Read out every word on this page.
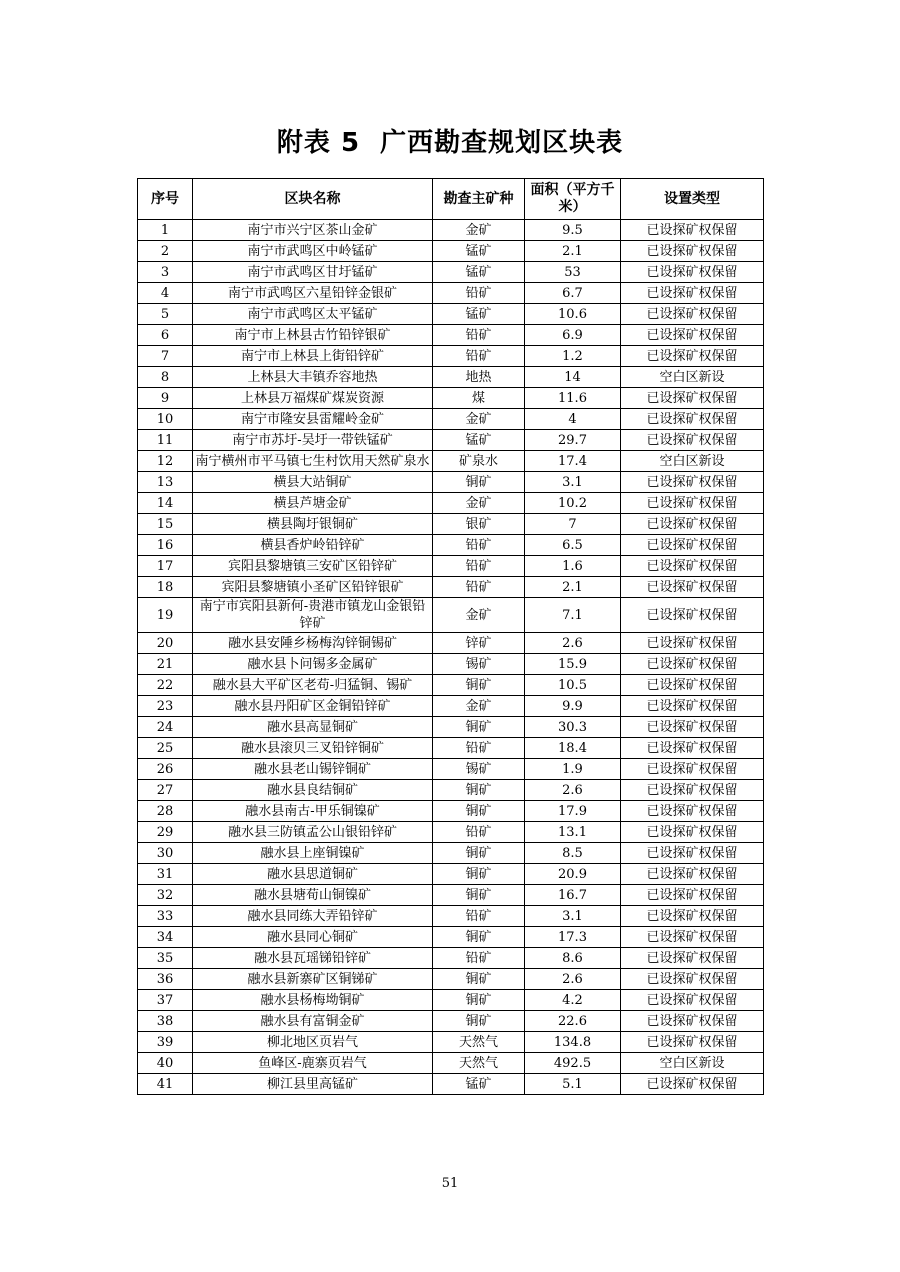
附表 5 广西勘查规划区块表
序号	区块名称	勘查主矿种	面积（平方千米）	设置类型
1	南宁市兴宁区茶山金矿	金矿	9.5	已设探矿权保留
2	南宁市武鸣区中岭锰矿	锰矿	2.1	已设探矿权保留
3	南宁市武鸣区甘圩锰矿	锰矿	53	已设探矿权保留
4	南宁市武鸣区六星铅锌金银矿	铅矿	6.7	已设探矿权保留
5	南宁市武鸣区太平锰矿	锰矿	10.6	已设探矿权保留
6	南宁市上林县古竹铅锌银矿	铅矿	6.9	已设探矿权保留
7	南宁市上林县上街铅锌矿	铅矿	1.2	已设探矿权保留
8	上林县大丰镇乔容地热	地热	14	空白区新设
9	上林县万福煤矿煤炭资源	煤	11.6	已设探矿权保留
10	南宁市隆安县雷耀岭金矿	金矿	4	已设探矿权保留
11	南宁市苏圩-吴圩一带铁锰矿	锰矿	29.7	已设探矿权保留
12	南宁横州市平马镇七生村饮用天然矿泉水	矿泉水	17.4	空白区新设
13	横县大站铜矿	铜矿	3.1	已设探矿权保留
14	横县芦塘金矿	金矿	10.2	已设探矿权保留
15	横县陶圩银铜矿	银矿	7	已设探矿权保留
16	横县香炉岭铅锌矿	铅矿	6.5	已设探矿权保留
17	宾阳县黎塘镇三安矿区铅锌矿	铅矿	1.6	已设探矿权保留
18	宾阳县黎塘镇小圣矿区铅锌银矿	铅矿	2.1	已设探矿权保留
19	南宁市宾阳县新何-贵港市镇龙山金银铅锌矿	金矿	7.1	已设探矿权保留
20	融水县安陲乡杨梅沟锌铜锡矿	锌矿	2.6	已设探矿权保留
21	融水县卜问锡多金属矿	锡矿	15.9	已设探矿权保留
22	融水县大平矿区老苟-归猛铜、锡矿	铜矿	10.5	已设探矿权保留
23	融水县丹阳矿区金铜铅锌矿	金矿	9.9	已设探矿权保留
24	融水县高显铜矿	铜矿	30.3	已设探矿权保留
25	融水县滚贝三叉铅锌铜矿	铅矿	18.4	已设探矿权保留
26	融水县老山锡锌铜矿	锡矿	1.9	已设探矿权保留
27	融水县良结铜矿	铜矿	2.6	已设探矿权保留
28	融水县南古-甲乐铜镍矿	铜矿	17.9	已设探矿权保留
29	融水县三防镇孟公山银铅锌矿	铅矿	13.1	已设探矿权保留
30	融水县上座铜镍矿	铜矿	8.5	已设探矿权保留
31	融水县思道铜矿	铜矿	20.9	已设探矿权保留
32	融水县塘荀山铜镍矿	铜矿	16.7	已设探矿权保留
33	融水县同练大弄铅锌矿	铅矿	3.1	已设探矿权保留
34	融水县同心铜矿	铜矿	17.3	已设探矿权保留
35	融水县瓦瑶锑铅锌矿	铅矿	8.6	已设探矿权保留
36	融水县新寨矿区铜锑矿	铜矿	2.6	已设探矿权保留
37	融水县杨梅坳铜矿	铜矿	4.2	已设探矿权保留
38	融水县有富铜金矿	铜矿	22.6	已设探矿权保留
39	柳北地区页岩气	天然气	134.8	已设探矿权保留
40	鱼峰区-鹿寨页岩气	天然气	492.5	空白区新设
41	柳江县里高锰矿	锰矿	5.1	已设探矿权保留
51
